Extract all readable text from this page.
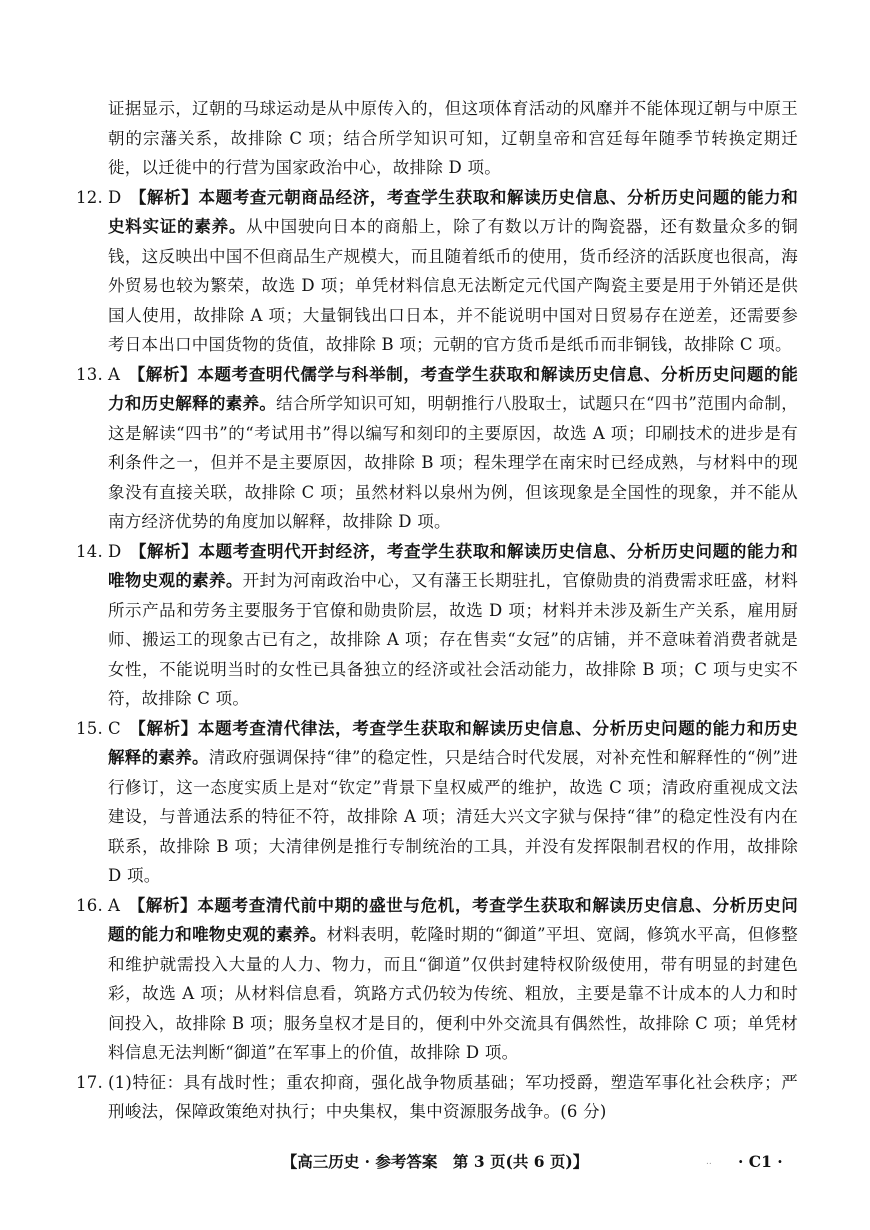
证据显示，辽朝的马球运动是从中原传入的，但这项体育活动的风靡并不能体现辽朝与中原王朝的宗藩关系，故排除 C 项；结合所学知识可知，辽朝皇帝和宫廷每年随季节转换定期迁徙，以迁徙中的行营为国家政治中心，故排除 D 项。

12. D 【解析】本题考查元朝商品经济，考查学生获取和解读历史信息、分析历史问题的能力和史料实证的素养。从中国驶向日本的商船上，除了有数以万计的陶瓷器，还有数量众多的铜钱，这反映出中国不但商品生产规模大，而且随着纸币的使用，货币经济的活跃度也很高，海外贸易也较为繁荣，故选 D 项；单凭材料信息无法断定元代国产陶瓷主要是用于外销还是供国人使用，故排除 A 项；大量铜钱出口日本，并不能说明中国对日贸易存在逆差，还需要参考日本出口中国货物的货值，故排除 B 项；元朝的官方货币是纸币而非铜钱，故排除 C 项。
13. A 【解析】本题考查明代儒学与科举制，考查学生获取和解读历史信息、分析历史问题的能力和历史解释的素养。结合所学知识可知，明朝推行八股取士，试题只在“四书”范围内命制，这是解读“四书”的“考试用书”得以编写和刻印的主要原因，故选 A 项；印刷技术的进步是有利条件之一，但并不是主要原因，故排除 B 项；程朱理学在南宋时已经成熟，与材料中的现象没有直接关联，故排除 C 项；虽然材料以泉州为例，但该现象是全国性的现象，并不能从南方经济优势的角度加以解释，故排除 D 项。
14. D 【解析】本题考查明代开封经济，考查学生获取和解读历史信息、分析历史问题的能力和唯物史观的素养。开封为河南政治中心，又有藩王长期驻扎，官僚勋贵的消费需求旺盛，材料所示产品和劳务主要服务于官僚和勋贵阶层，故选 D 项；材料并未涉及新生产关系，雇用厨师、搬运工的现象古已有之，故排除 A 项；存在售卖“女冠”的店铺，并不意味着消费者就是女性，不能说明当时的女性已具备独立的经济或社会活动能力，故排除 B 项；C 项与史实不符，故排除 C 项。
15. C 【解析】本题考查清代律法，考查学生获取和解读历史信息、分析历史问题的能力和历史解释的素养。清政府强调保持“律”的稳定性，只是结合时代发展，对补充性和解释性的“例”进行修订，这一态度实质上是对“钦定”背景下皇权威严的维护，故选 C 项；清政府重视成文法建设，与普通法系的特征不符，故排除 A 项；清廷大兴文字狱与保持“律”的稳定性没有内在联系，故排除 B 项；大清律例是推行专制统治的工具，并没有发挥限制君权的作用，故排除 D 项。
16. A 【解析】本题考查清代前中期的盛世与危机，考查学生获取和解读历史信息、分析历史问题的能力和唯物史观的素养。材料表明，乾隆时期的“御道”平坦、宽阔，修筑水平高，但修整和维护就需投入大量的人力、物力，而且“御道”仅供封建特权阶级使用，带有明显的封建色彩，故选 A 项；从材料信息看，筑路方式仍较为传统、粗放，主要是靠不计成本的人力和时间投入，故排除 B 项；服务皇权才是目的，便利中外交流具有偶然性，故排除 C 项；单凭材料信息无法判断“御道”在军事上的价值，故排除 D 项。
17. (1)特征：具有战时性；重农抑商，强化战争物质基础；军功授爵，塑造军事化社会秩序；严刑峻法，保障政策绝对执行；中央集权，集中资源服务战争。(6 分)
【高三历史 · 参考答案　第 3 页(共 6 页)】	.. · C1 ·
